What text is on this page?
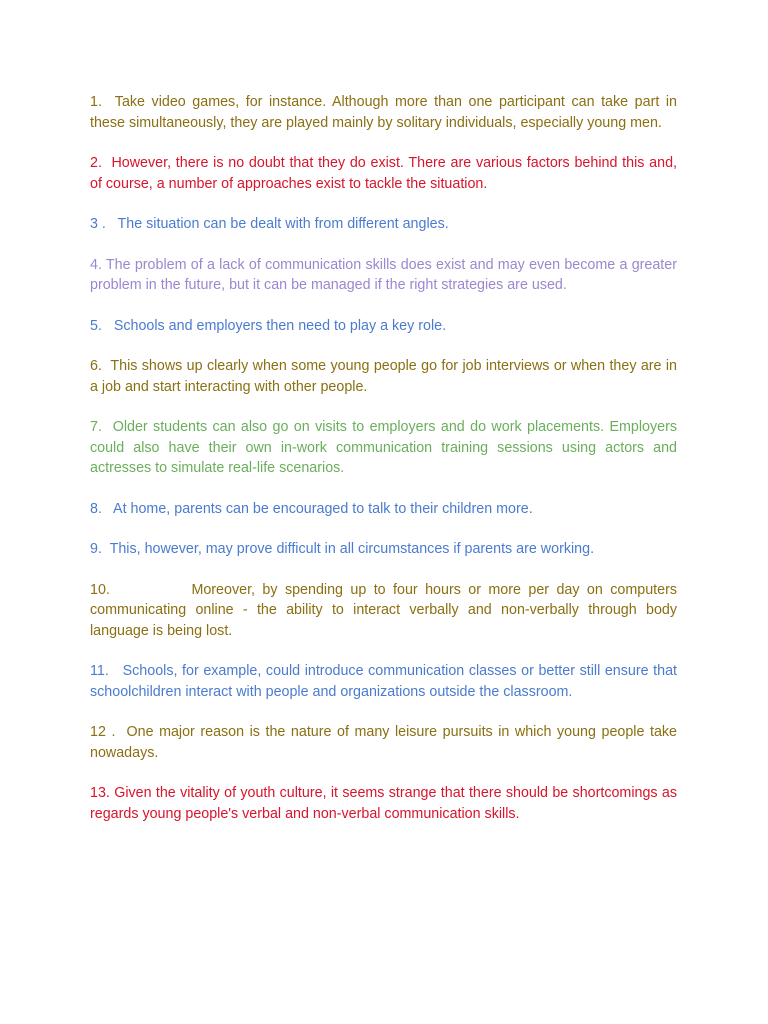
1.  Take video games, for instance. Although more than one participant can take part in these simultaneously, they are played mainly by solitary individuals, especially young men.

2.  However, there is no doubt that they do exist. There are various factors behind this and, of course, a number of approaches exist to tackle the situation.

3 .   The situation can be dealt with from different angles.

4. The problem of a lack of communication skills does exist and may even become a greater problem in the future, but it can be managed if the right strategies are used.

5.   Schools and employers then need to play a key role.

6.  This shows up clearly when some young people go for job interviews or when they are in a job and start interacting with other people.

7.  Older students can also go on visits to employers and do work placements. Employers could also have their own in-work communication training sessions using actors and actresses to simulate real-life scenarios.

8.   At home, parents can be encouraged to talk to their children more.

9.  This, however, may prove difficult in all circumstances if parents are working.

10.           Moreover, by spending up to four hours or more per day on computers communicating online - the ability to interact verbally and non-verbally through body language is being lost.

11.   Schools, for example, could introduce communication classes or better still ensure that schoolchildren interact with people and organizations outside the classroom.

12 .  One major reason is the nature of many leisure pursuits in which young people take  nowadays.

13. Given the vitality of youth culture, it seems strange that there should be shortcomings as regards young people's verbal and non-verbal communication skills.
